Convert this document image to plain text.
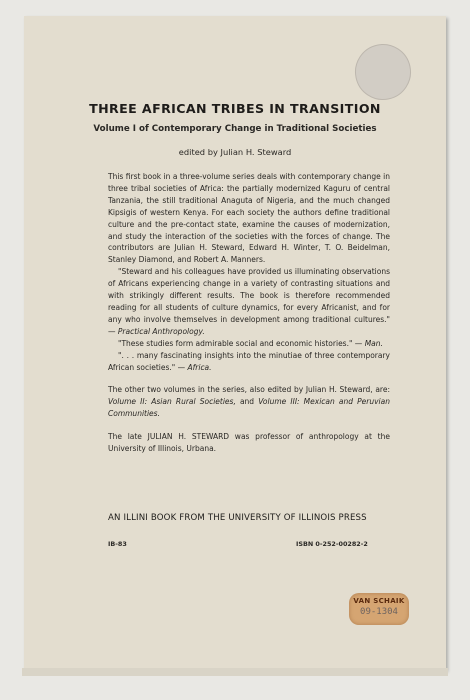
THREE AFRICAN TRIBES IN TRANSITION
Volume I of Contemporary Change in Traditional Societies
edited by Julian H. Steward

This first book in a three-volume series deals with contemporary change in three tribal societies of Africa: the partially modernized Kaguru of central Tanzania, the still traditional Anaguta of Nigeria, and the much changed Kipsigis of western Kenya. For each society the authors define traditional culture and the pre-contact state, examine the causes of modernization, and study the interaction of the societies with the forces of change. The contributors are Julian H. Steward, Edward H. Winter, T. O. Beidelman, Stanley Diamond, and Robert A. Manners.

"Steward and his colleagues have provided us illuminating observations of Africans experiencing change in a variety of contrasting situations and with strikingly different results. The book is therefore recommended reading for all students of culture dynamics, for every Africanist, and for any who involve themselves in development among traditional cultures." — Practical Anthropology.

"These studies form admirable social and economic histories." — Man.

". . . many fascinating insights into the minutiae of three contemporary African societies." — Africa.

The other two volumes in the series, also edited by Julian H. Steward, are: Volume II: Asian Rural Societies, and Volume III: Mexican and Peruvian Communities.

The late JULIAN H. STEWARD was professor of anthropology at the University of Illinois, Urbana.

AN ILLINI BOOK FROM THE UNIVERSITY OF ILLINOIS PRESS
IB-83	ISBN 0-252-00282-2
VAN SCHAIK
09-1304
